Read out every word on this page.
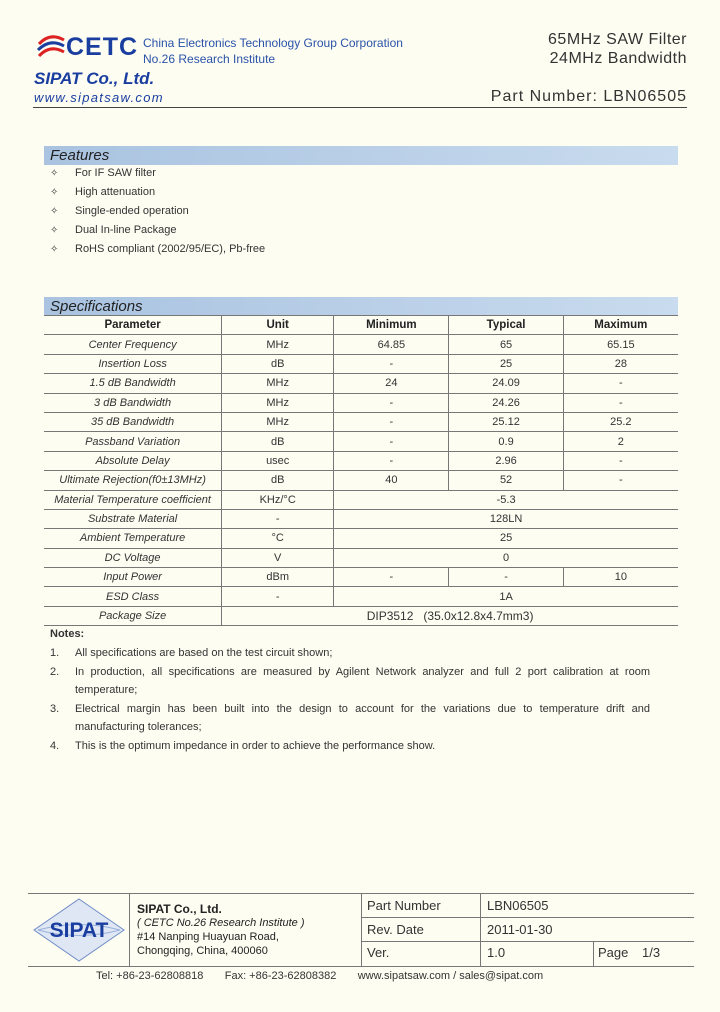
CETC China Electronics Technology Group Corporation
No.26 Research Institute
65MHz SAW Filter
24MHz Bandwidth
SIPAT Co., Ltd.
www.sipatsaw.com	Part Number: LBN06505
Features
✧ For IF SAW filter
✧ High attenuation
✧ Single-ended operation
✧ Dual In-line Package
✧ RoHS compliant (2002/95/EC), Pb-free
Specifications
Parameter	Unit	Minimum	Typical	Maximum
Center Frequency	MHz	64.85	65	65.15
Insertion Loss	dB	-	25	28
1.5 dB Bandwidth	MHz	24	24.09	-
3 dB Bandwidth	MHz	-	24.26	-
35 dB Bandwidth	MHz	-	25.12	25.2
Passband Variation	dB	-	0.9	2
Absolute Delay	usec	-	2.96	-
Ultimate Rejection(f0±13MHz)	dB	40	52	-
Material Temperature coefficient	KHz/°C	-5.3		
Substrate Material	-	128LN		
Ambient Temperature	°C	25		
DC Voltage	V	0		
Input Power	dBm	-	-	10
ESD Class	-	1A		
Package Size	DIP3512   (35.0x12.8x4.7mm3)			
Notes:
1. All specifications are based on the test circuit shown;
2. In production, all specifications are measured by Agilent Network analyzer and full 2 port calibration at room temperature;
3. Electrical margin has been built into the design to account for the variations due to temperature drift and manufacturing tolerances;
4. This is the optimum impedance in order to achieve the performance show.
SIPAT
SIPAT Co., Ltd.
( CETC No.26 Research Institute )
#14 Nanping Huayuan Road,
Chongqing, China, 400060
Part Number	LBN06505
Rev. Date	2011-01-30
Ver.	1.0	Page 1/3
Tel: +86-23-62808818       Fax: +86-23-62808382       www.sipatsaw.com / sales@sipat.com
